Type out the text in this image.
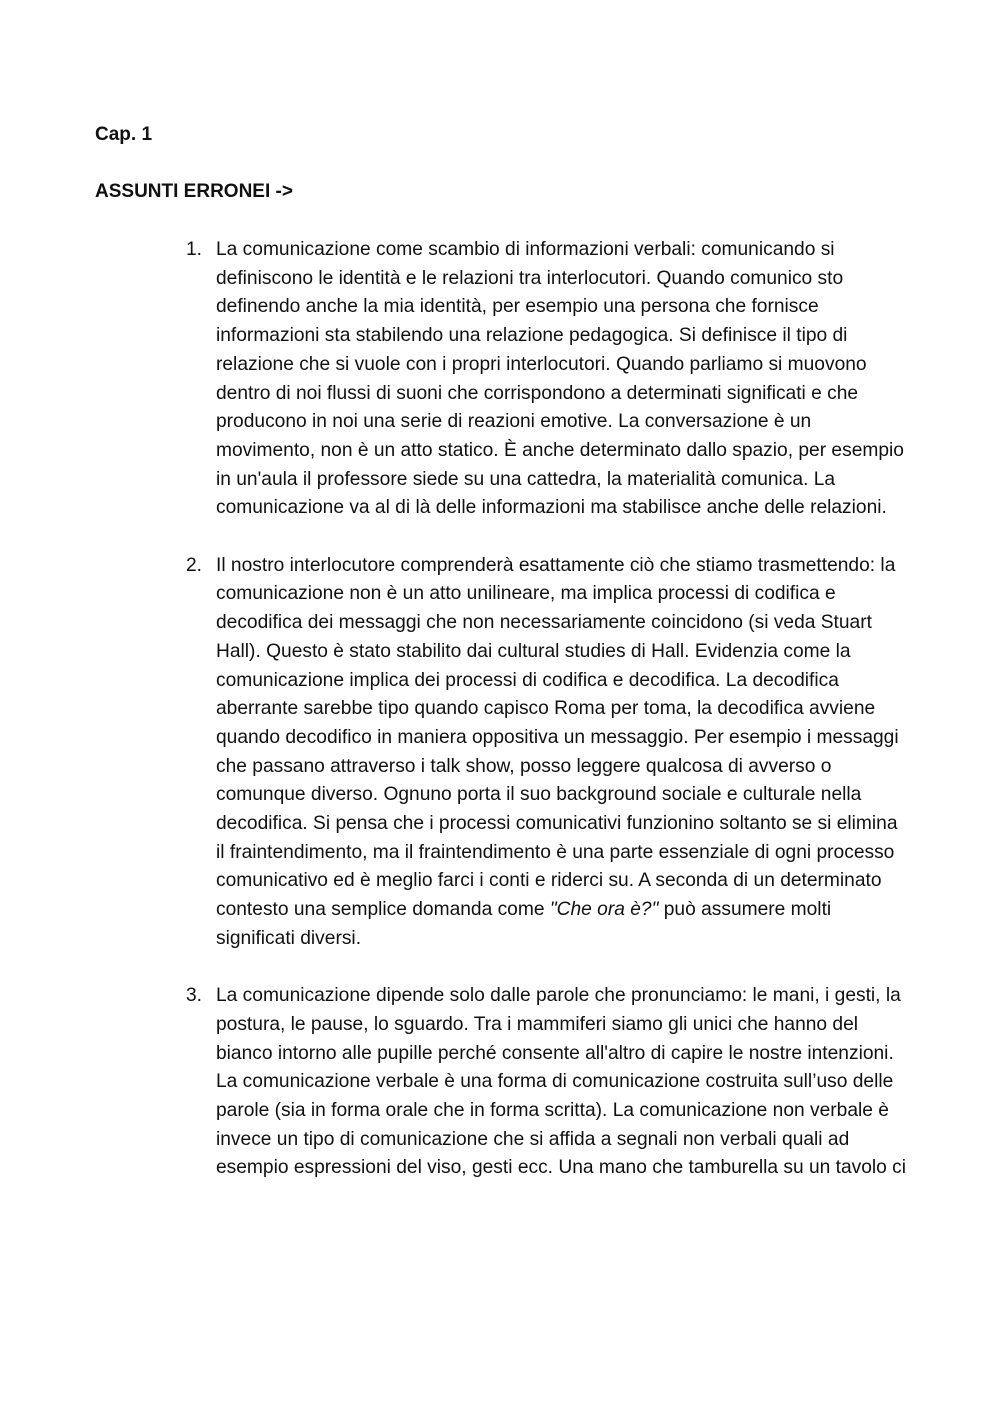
Cap. 1

ASSUNTI ERRONEI ->

1. La comunicazione come scambio di informazioni verbali: comunicando si definiscono le identità e le relazioni tra interlocutori. Quando comunico sto definendo anche la mia identità, per esempio una persona che fornisce informazioni sta stabilendo una relazione pedagogica. Si definisce il tipo di relazione che si vuole con i propri interlocutori. Quando parliamo si muovono dentro di noi flussi di suoni che corrispondono a determinati significati e che producono in noi una serie di reazioni emotive. La conversazione è un movimento, non è un atto statico. È anche determinato dallo spazio, per esempio in un'aula il professore siede su una cattedra, la materialità comunica. La comunicazione va al di là delle informazioni ma stabilisce anche delle relazioni.
2. Il nostro interlocutore comprenderà esattamente ciò che stiamo trasmettendo: la comunicazione non è un atto unilineare, ma implica processi di codifica e decodifica dei messaggi che non necessariamente coincidono (si veda Stuart Hall). Questo è stato stabilito dai cultural studies di Hall. Evidenzia come la comunicazione implica dei processi di codifica e decodifica. La decodifica aberrante sarebbe tipo quando capisco Roma per toma, la decodifica avviene quando decodifico in maniera oppositiva un messaggio. Per esempio i messaggi che passano attraverso i talk show, posso leggere qualcosa di avverso o comunque diverso. Ognuno porta il suo background sociale e culturale nella decodifica. Si pensa che i processi comunicativi funzionino soltanto se si elimina il fraintendimento, ma il fraintendimento è una parte essenziale di ogni processo comunicativo ed è meglio farci i conti e riderci su. A seconda di un determinato contesto una semplice domanda come "Che ora è?" può assumere molti significati diversi.
3. La comunicazione dipende solo dalle parole che pronunciamo: le mani, i gesti, la postura, le pause, lo sguardo. Tra i mammiferi siamo gli unici che hanno del bianco intorno alle pupille perché consente all'altro di capire le nostre intenzioni. La comunicazione verbale è una forma di comunicazione costruita sull’uso delle parole (sia in forma orale che in forma scritta). La comunicazione non verbale è invece un tipo di comunicazione che si affida a segnali non verbali quali ad esempio espressioni del viso, gesti ecc. Una mano che tamburella su un tavolo ci
